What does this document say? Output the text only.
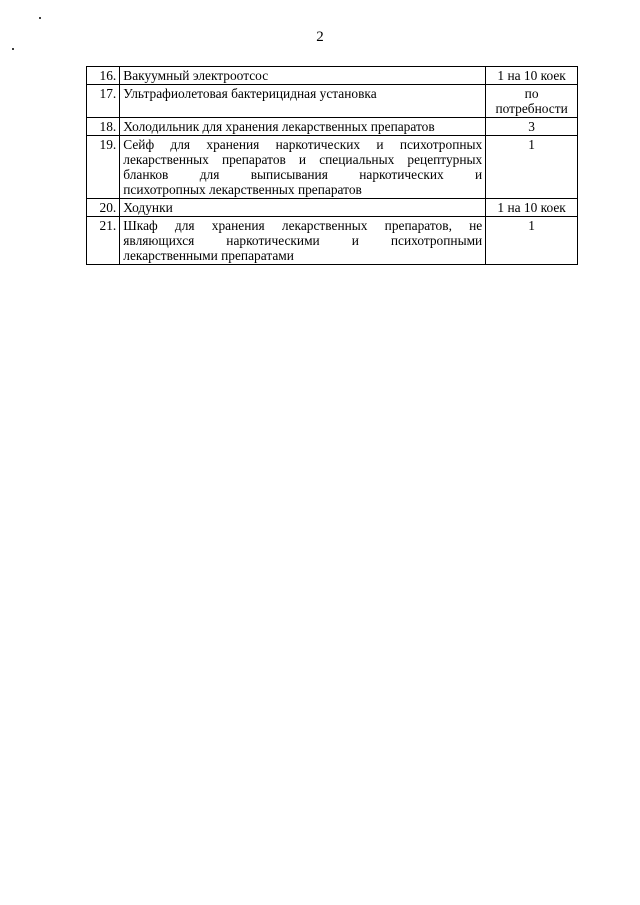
2
16.	Вакуумный электроотсос	1 на 10 коек
17.	Ультрафиолетовая бактерицидная установка	по
потребности

18.	Холодильник для хранения лекарственных препаратов	3
19.	Сейф для хранения наркотических и психотропных
лекарственных препаратов и специальных рецептурных
бланков для выписывания наркотических и
психотропных лекарственных препаратов	1
20.	Ходунки	1 на 10 коек
21.	Шкаф для хранения лекарственных препаратов, не
являющихся наркотическими и психотропными
лекарственными препаратами	1
